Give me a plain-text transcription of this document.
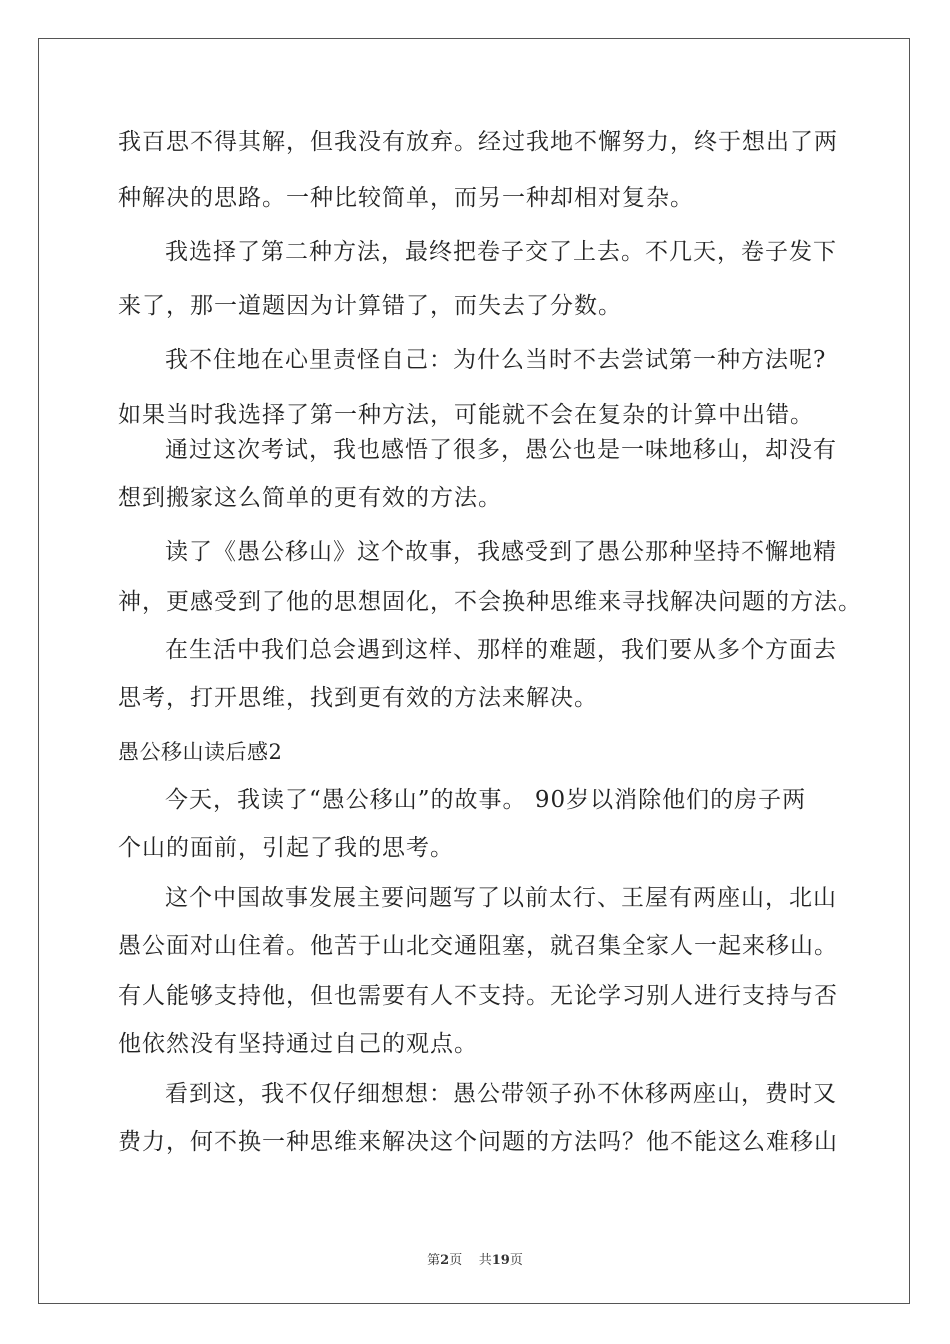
我百思不得其解，但我没有放弃。经过我地不懈努力，终于想出了两
种解决的思路。一种比较简单，而另一种却相对复杂。
我选择了第二种方法，最终把卷子交了上去。不几天，卷子发下
来了，那一道题因为计算错了，而失去了分数。
我不住地在心里责怪自己：为什么当时不去尝试第一种方法呢?
如果当时我选择了第一种方法，可能就不会在复杂的计算中出错。
通过这次考试，我也感悟了很多，愚公也是一味地移山，却没有
想到搬家这么简单的更有效的方法。
读了《愚公移山》这个故事，我感受到了愚公那种坚持不懈地精
神，更感受到了他的思想固化，不会换种思维来寻找解决问题的方法。
在生活中我们总会遇到这样、那样的难题，我们要从多个方面去
思考，打开思维，找到更有效的方法来解决。
愚公移山读后感2
今天，我读了“愚公移山”的故事。 90岁以消除他们的房子两
个山的面前，引起了我的思考。
这个中国故事发展主要问题写了以前太行、王屋有两座山，北山
愚公面对山住着。他苦于山北交通阻塞，就召集全家人一起来移山。
有人能够支持他，但也需要有人不支持。无论学习别人进行支持与否
他依然没有坚持通过自己的观点。
看到这，我不仅仔细想想：愚公带领子孙不休移两座山，费时又
费力，何不换一种思维来解决这个问题的方法吗？他不能这么难移山
第2页 共19页
